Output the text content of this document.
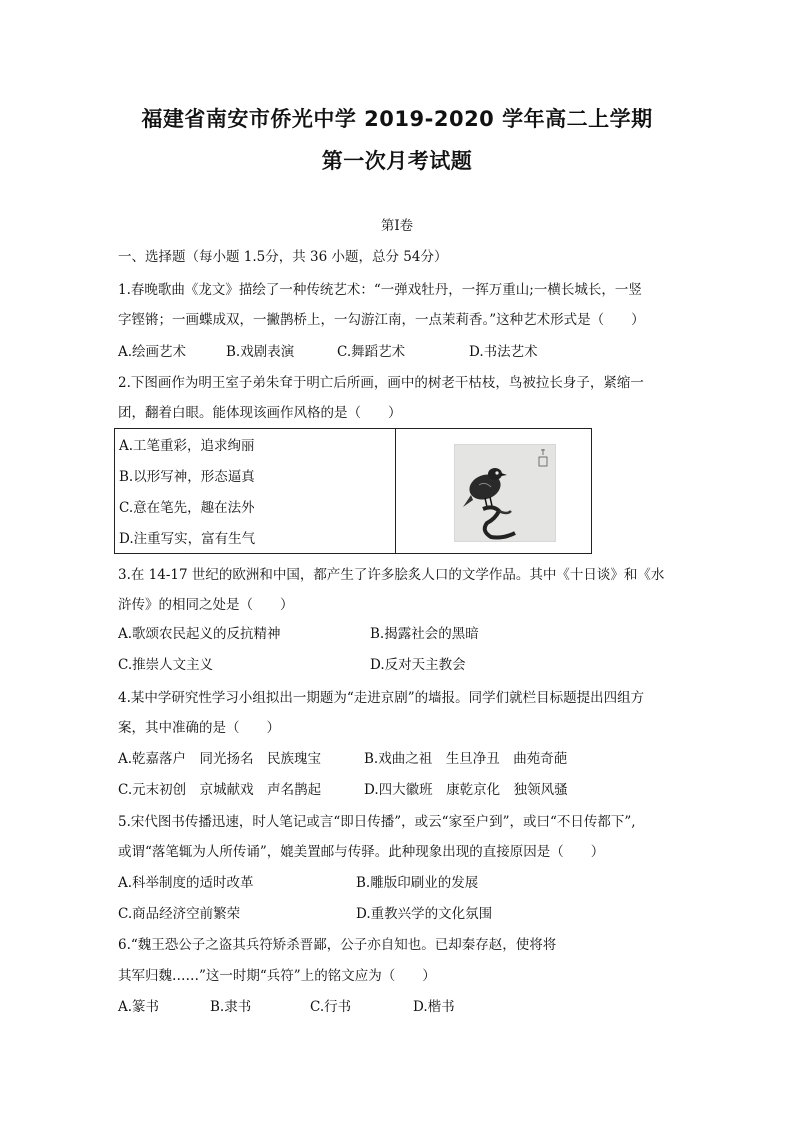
福建省南安市侨光中学 2019-2020 学年高二上学期
第一次月考试题
第Ⅰ卷
一、选择题（每小题 1.5分，共 36 小题，总分 54分）
1.春晚歌曲《龙文》描绘了一种传统艺术：“一弹戏牡丹，一挥万重山;一横长城长，一竖
字铿锵；一画蝶成双，一撇鹊桥上，一勾游江南，一点茉莉香。”这种艺术形式是（　　）
A.绘画艺术	B.戏剧表演	C.舞蹈艺术	D.书法艺术
2.下图画作为明王室子弟朱耷于明亡后所画，画中的树老干枯枝，鸟被拉长身子，紧缩一
团，翻着白眼。能体现该画作风格的是（　　）
A.工笔重彩，追求绚丽
B.以形写神，形态逼真
C.意在笔先，趣在法外
D.注重写实，富有生气
3.在 14-17 世纪的欧洲和中国，都产生了许多脍炙人口的文学作品。其中《十日谈》和《水
浒传》的相同之处是（　　）
A.歌颂农民起义的反抗精神	B.揭露社会的黑暗
C.推崇人文主义	D.反对天主教会
4.某中学研究性学习小组拟出一期题为“走进京剧”的墙报。同学们就栏目标题提出四组方
案，其中准确的是（　　）
A.乾嘉落户　同光扬名　民族瑰宝	B.戏曲之祖　生旦净丑　曲苑奇葩
C.元末初创　京城献戏　声名鹊起	D.四大徽班　康乾京化　独领风骚
5.宋代图书传播迅速，时人笔记或言“即日传播”，或云“家至户到”，或曰“不日传都下”,
或谓“落笔辄为人所传诵”，媲美置邮与传驿。此种现象出现的直接原因是（　　）
A.科举制度的适时改革	B.雕版印刷业的发展
C.商品经济空前繁荣	D.重教兴学的文化氛围
6.“魏王恐公子之盗其兵符矫杀晋鄙，公子亦自知也。已却秦存赵，使将将
其军归魏……”这一时期“兵符”上的铭文应为（　　）
A.篆书	B.隶书	C.行书	D.楷书
